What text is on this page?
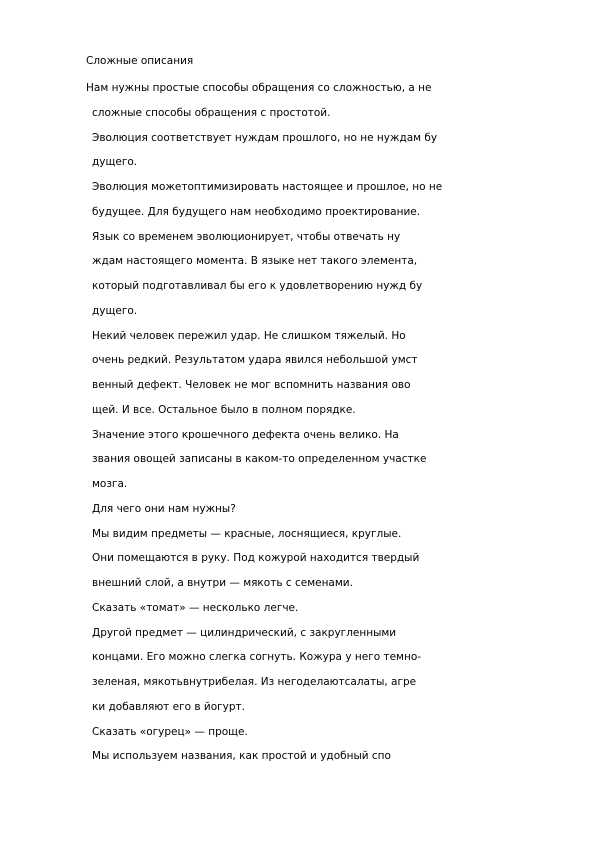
Сложные описания
Нам нужны простые способы обращения со сложностью, а не
сложные способы обращения с простотой.
Эволюция соответствует нуждам прошлого, но не нуждам бу
дущего.
Эволюция можетоптимизировать настоящее и прошлое, но не
будущее. Для будущего нам необходимо проектирование.
Язык со временем эволюционирует, чтобы отвечать ну
ждам настоящего момента. В языке нет такого элемента,
который подготавливал бы его к удовлетворению нужд бу
дущего.
Некий человек пережил удар. Не слишком тяжелый. Но
очень редкий. Результатом удара явился небольшой умст
венный дефект. Человек не мог вспомнить названия ово
щей. И все. Остальное было в полном порядке.
Значение этого крошечного дефекта очень велико. На
звания овощей записаны в каком-то определенном участке
мозга.
Для чего они нам нужны?
Мы видим предметы — красные, лоснящиеся, круглые.
Они помещаются в руку. Под кожурой находится твердый
внешний слой, а внутри — мякоть с семенами.
Сказать «томат» — несколько легче.
Другой предмет — цилиндрический, с закругленными
концами. Его можно слегка согнуть. Кожура у него темно-
зеленая, мякотьвнутрибелая. Из негоделаютсалаты, агре
ки добавляют его в йогурт.
Сказать «огурец» — проще.
Мы используем названия, как простой и удобный спо
